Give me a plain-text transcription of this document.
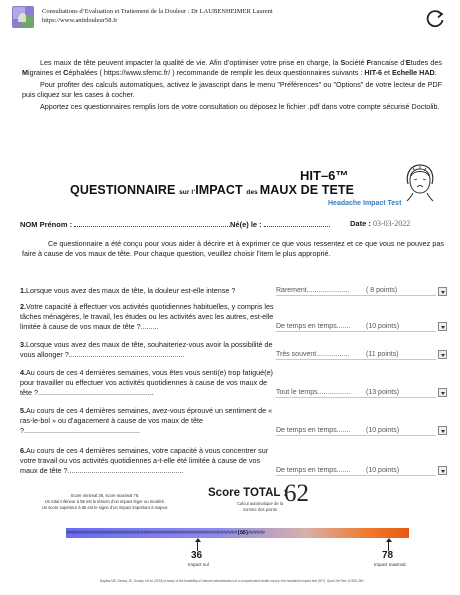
Consultations d’Evaluation et Traitement de la Douleur : Dr LAUBENHEIMER Laurent
https://www.antidouleur58.fr

Les maux de tête peuvent impacter la qualité de vie. Afin d’optimiser votre prise en charge, la Société Francaise d’Etudes des Migraines et Céphalées ( https://www.sfemc.fr/ ) recommande de remplir les deux questionnaires suivants : HIT-6 et Echelle HAD.

Pour profiter des calculs automatiques, activez le javascript dans le menu "Préférences" ou "Options" de votre lecteur de PDF puis cliquez sur les cases à cocher.

Apportez ces questionnaires remplis lors de votre consultation ou déposez le fichier .pdf dans votre compte sécurisé Doctolib.

HIT–6™
QUESTIONNAIRE sur l’IMPACT des MAUX DE TETE
Headache Impact Test
NOM Prénom :	Né(e) le :	Date : 03-03-2022
Ce questionnaire a été conçu pour vous aider à décrire et à exprimer ce que vous ressentez et ce que vous ne pouvez pas faire à cause de vos maux de tête. Pour chaque question, veuillez choisir l’item le plus approprié.
1.Lorsque vous avez des maux de tête, la douleur est-elle intense ?	Rarement...................... ( 8 points)
2.Votre capacité à effectuer vos activités quotidiennes habituelles, y compris les tâches ménagères, le travail, les études ou les activités avec les autres, est-elle limitée à cause de vos maux de tête ?.........	De temps en temps....... (10 points)
3.Lorsque vous avez des maux de tête, souhaiteriez-vous avoir la possibilité de vous allonger ?..........................................................	Très souvent................. (11 points)
4.Au cours de ces 4 dernières semaines, vous êtes vous senti(e) trop fatigué(e) pour travailler ou effectuer vos activités quotidiennes à cause de vos maux de tête ?..........................................................	Tout le temps................. (13 points)
5.Au cours de ces 4 dernières semaines, avez-vous éprouvé un sentiment de « ras-le-bol » ou d’agacement à cause de vos maux de tête ?..........................................................	De temps en temps....... (10 points)
6.Au cours de ces 4 dernières semaines, votre capacité à vous concentrer sur votre travail ou vos activités quotidiennes a-t-elle été limitée à cause de vos maux de tête ?..........................................................	De temps en temps....... (10 points)
Score minimal 36, score maximal 78.
Un total inférieur à 55 est le témoin d’un impact léger ou modéré.
Un score supérieur à 55 est le signe d’un impact important à majeur.
Score TOTAL :
62
Calcul automatique de la somme des points
##############################################################(55)######
36	78
Impact nul	Impact maximal
Bayliss MS, Dewey JE, Dunlap I et al. (2003) A study of the feasibility of Internet administration of a computerized health survey: the headache impact test (HIT). Qual Life Res 12:953–961
